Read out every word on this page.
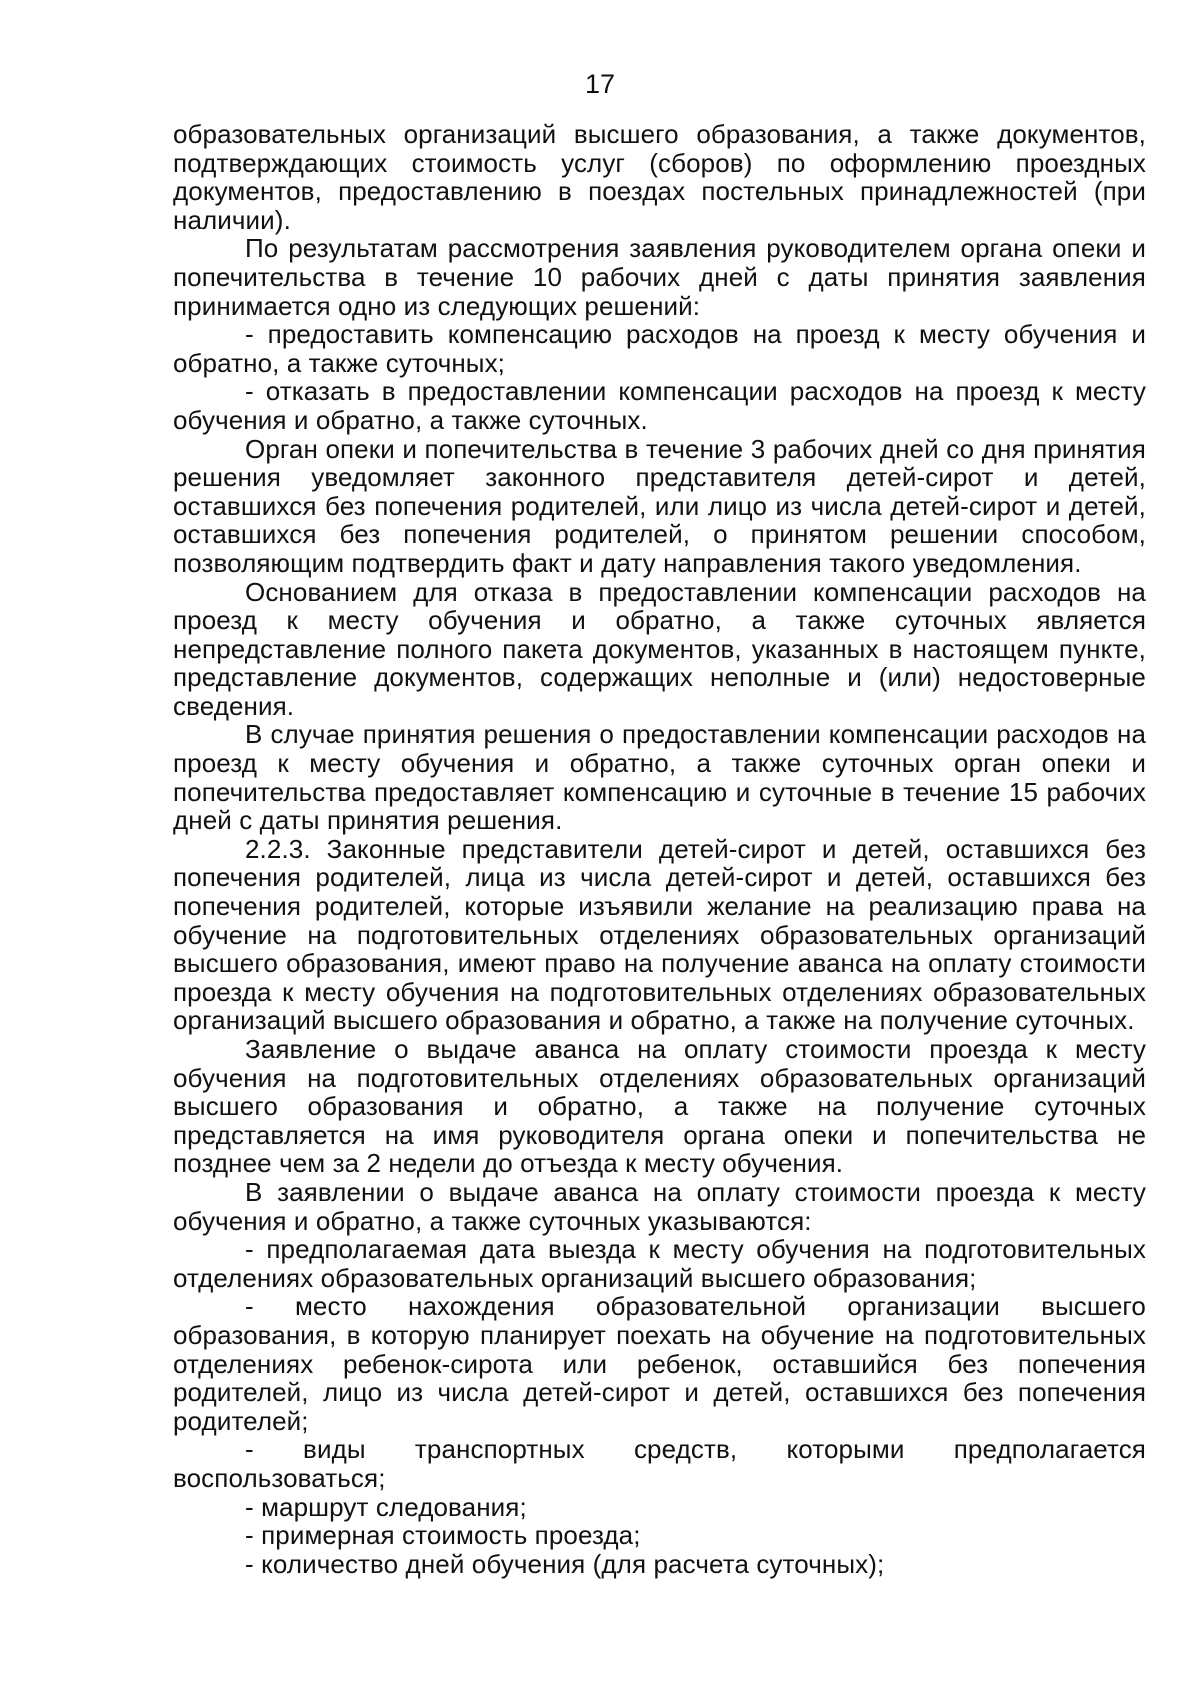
17

образовательных организаций высшего образования, а также документов, подтверждающих стоимость услуг (сборов) по оформлению проездных документов, предоставлению в поездах постельных принадлежностей (при наличии).

По результатам рассмотрения заявления руководителем органа опеки и попечительства в течение 10 рабочих дней с даты принятия заявления принимается одно из следующих решений:

- предоставить компенсацию расходов на проезд к месту обучения и обратно, а также суточных;

- отказать в предоставлении компенсации расходов на проезд к месту обучения и обратно, а также суточных.

Орган опеки и попечительства в течение 3 рабочих дней со дня принятия решения уведомляет законного представителя детей-сирот и детей, оставшихся без попечения родителей, или лицо из числа детей-сирот и детей, оставшихся без попечения родителей, о принятом решении способом, позволяющим подтвердить факт и дату направления такого уведомления.

Основанием для отказа в предоставлении компенсации расходов на проезд к месту обучения и обратно, а также суточных является непредставление полного пакета документов, указанных в настоящем пункте, представление документов, содержащих неполные и (или) недостоверные сведения.

В случае принятия решения о предоставлении компенсации расходов на проезд к месту обучения и обратно, а также суточных орган опеки и попечительства предоставляет компенсацию и суточные в течение 15 рабочих дней с даты принятия решения.

2.2.3. Законные представители детей-сирот и детей, оставшихся без попечения родителей, лица из числа детей-сирот и детей, оставшихся без попечения родителей, которые изъявили желание на реализацию права на обучение на подготовительных отделениях образовательных организаций высшего образования, имеют право на получение аванса на оплату стоимости проезда к месту обучения на подготовительных отделениях образовательных организаций высшего образования и обратно, а также на получение суточных.

Заявление о выдаче аванса на оплату стоимости проезда к месту обучения на подготовительных отделениях образовательных организаций высшего образования и обратно, а также на получение суточных представляется на имя руководителя органа опеки и попечительства не позднее чем за 2 недели до отъезда к месту обучения.

В заявлении о выдаче аванса на оплату стоимости проезда к месту обучения и обратно, а также суточных указываются:

- предполагаемая дата выезда к месту обучения на подготовительных отделениях образовательных организаций высшего образования;

- место нахождения образовательной организации высшего образования, в которую планирует поехать на обучение на подготовительных отделениях ребенок-сирота или ребенок, оставшийся без попечения родителей, лицо из числа детей-сирот и детей, оставшихся без попечения родителей;

- виды транспортных средств, которыми предполагается воспользоваться;

- маршрут следования;

- примерная стоимость проезда;

- количество дней обучения (для расчета суточных);
